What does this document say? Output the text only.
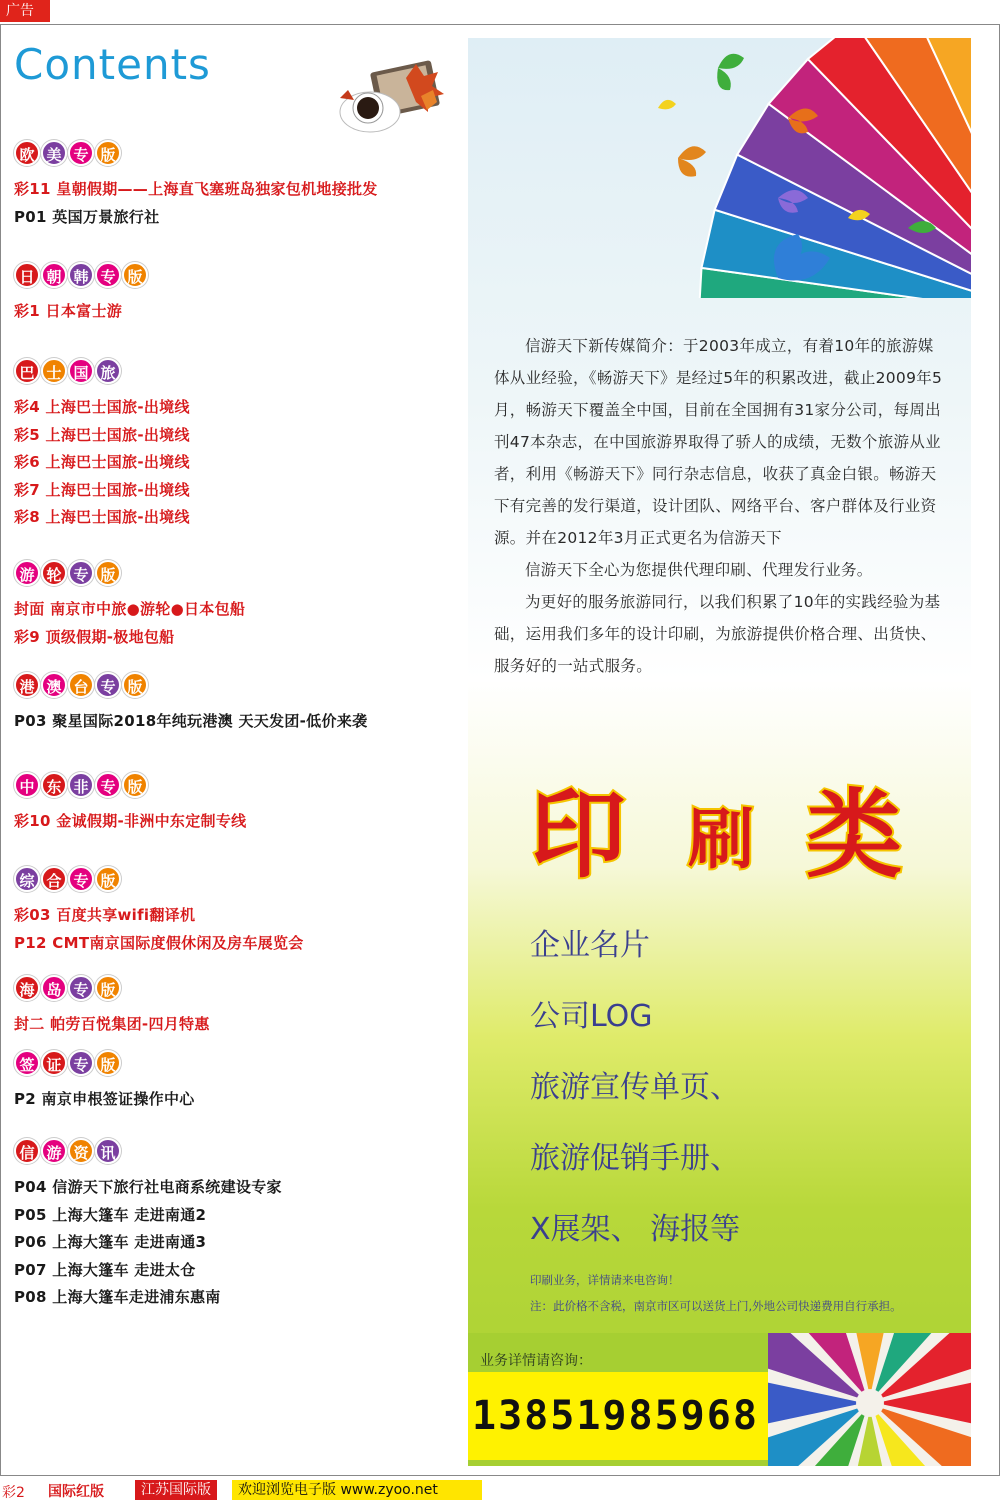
广告
Contents
欧 美 专 版
彩11 皇朝假期——上海直飞塞班岛独家包机地接批发
P01 英国万景旅行社
日 朝 韩 专 版
彩1 日本富士游
巴 士 国 旅
彩4 上海巴士国旅-出境线
彩5 上海巴士国旅-出境线
彩6 上海巴士国旅-出境线
彩7 上海巴士国旅-出境线
彩8 上海巴士国旅-出境线
游 轮 专 版
封面 南京市中旅●游轮●日本包船
彩9 顶级假期-极地包船
港 澳 台 专 版
P03 聚星国际2018年纯玩港澳 天天发团-低价来袭
中 东 非 专 版
彩10 金诚假期-非洲中东定制专线
综 合 专 版
彩03 百度共享wifi翻译机
P12 CMT南京国际度假休闲及房车展览会
海 岛 专 版
封二 帕劳百悦集团-四月特惠
签 证 专 版
P2 南京申根签证操作中心
信 游 资 讯
P04 信游天下旅行社电商系统建设专家
P05 上海大篷车 走进南通2
P06 上海大篷车 走进南通3
P07 上海大篷车 走进太仓
P08 上海大篷车走进浦东惠南

信游天下新传媒简介：于2003年成立，有着10年的旅游媒体从业经验，《畅游天下》是经过5年的积累改进，截止2009年5月，畅游天下覆盖全中国，目前在全国拥有31家分公司，每周出刊47本杂志，在中国旅游界取得了骄人的成绩，无数个旅游从业者，利用《畅游天下》同行杂志信息，收获了真金白银。畅游天下有完善的发行渠道，设计团队、网络平台、客户群体及行业资源。并在2012年3月正式更名为信游天下

信游天下全心为您提供代理印刷、代理发行业务。

为更好的服务旅游同行，以我们积累了10年的实践经验为基础，运用我们多年的设计印刷，为旅游提供价格合理、出货快、服务好的一站式服务。

印 刷 类
企业名片
公司LOG
旅游宣传单页、
旅游促销手册、
X展架、 海报等
印刷业务，详情请来电咨询！
注：此价格不含税，南京市区可以送货上门,外地公司快递费用自行承担。
业务详情请咨询：
13851985968
彩2 国际红版	江苏国际版	欢迎浏览电子版 www.zyoo.net
